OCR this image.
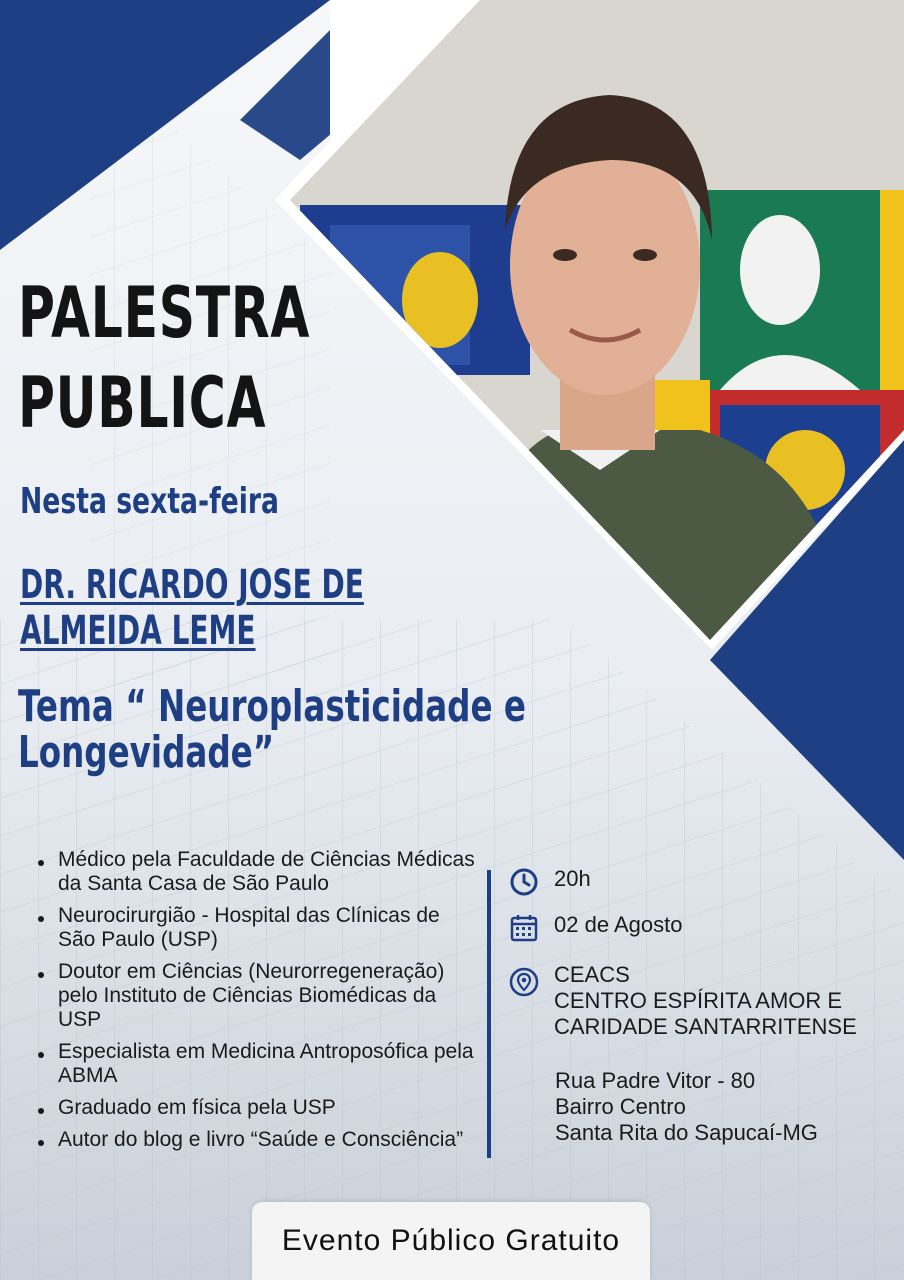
PALESTRA
PUBLICA

Nesta sexta-feira

DR. RICARDO JOSE DE
ALMEIDA LEME

Tema “ Neuroplasticidade e
Longevidade”

Médico pela Faculdade de Ciências Médicas da Santa Casa de São Paulo
Neurocirurgião - Hospital das Clínicas de São Paulo (USP)
Doutor em Ciências (Neurorregeneração) pelo Instituto de Ciências Biomédicas da USP
Especialista em Medicina Antroposófica pela ABMA
Graduado em física pela USP
Autor do blog e livro “Saúde e Consciência”
20h
02 de Agosto
CEACS
CENTRO ESPÍRITA AMOR E
CARIDADE SANTARRITENSE
Rua Padre Vitor - 80
Bairro Centro
Santa Rita do Sapucaí-MG
Evento Público Gratuito
